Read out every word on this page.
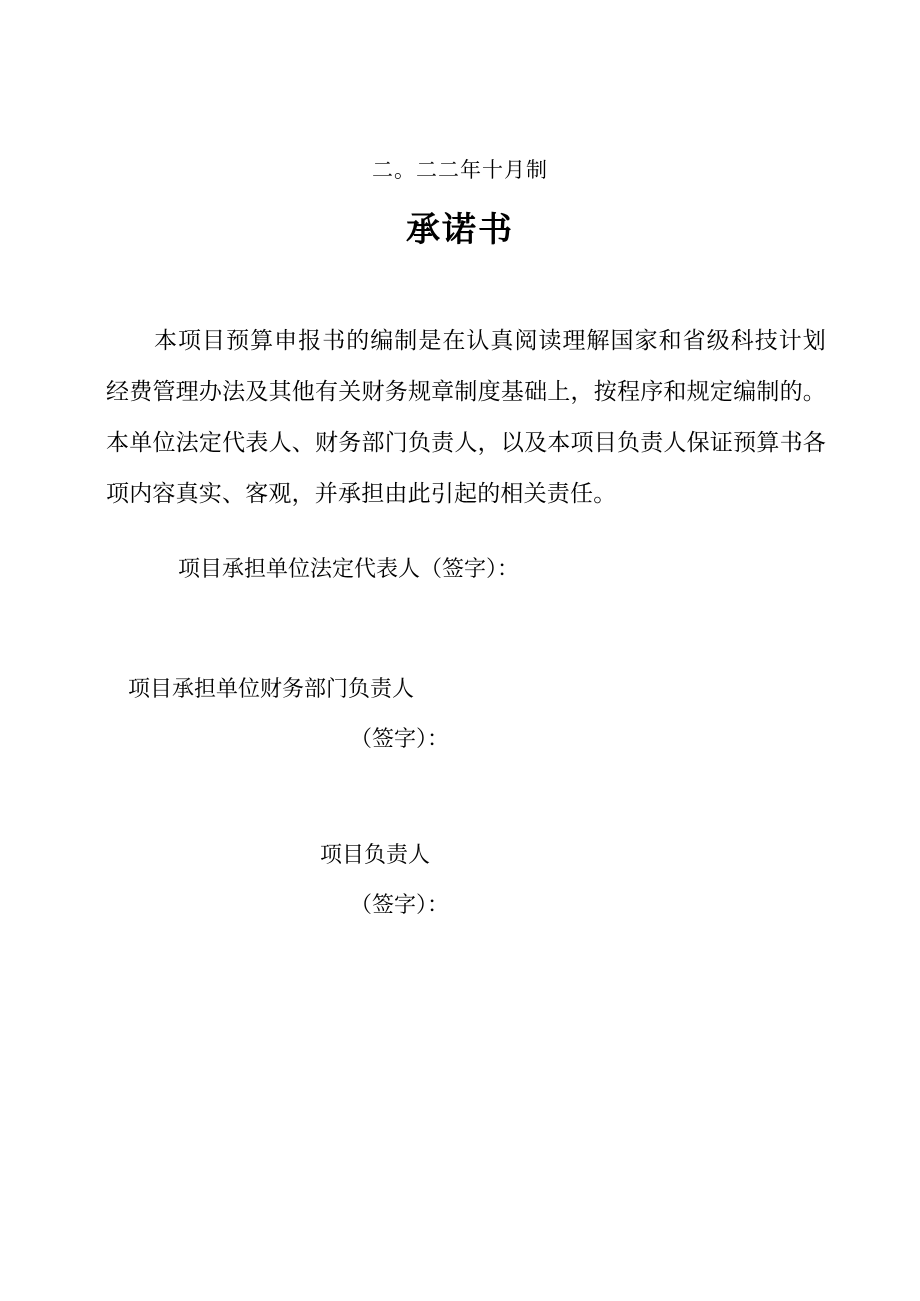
二。二二年十月制
承诺书

本项目预算申报书的编制是在认真阅读理解国家和省级科技计划经费管理办法及其他有关财务规章制度基础上，按程序和规定编制的。本单位法定代表人、财务部门负责人，以及本项目负责人保证预算书各项内容真实、客观，并承担由此引起的相关责任。

项目承担单位法定代表人（签字）：
项目承担单位财务部门负责人
（签字）：
项目负责人
（签字）：
